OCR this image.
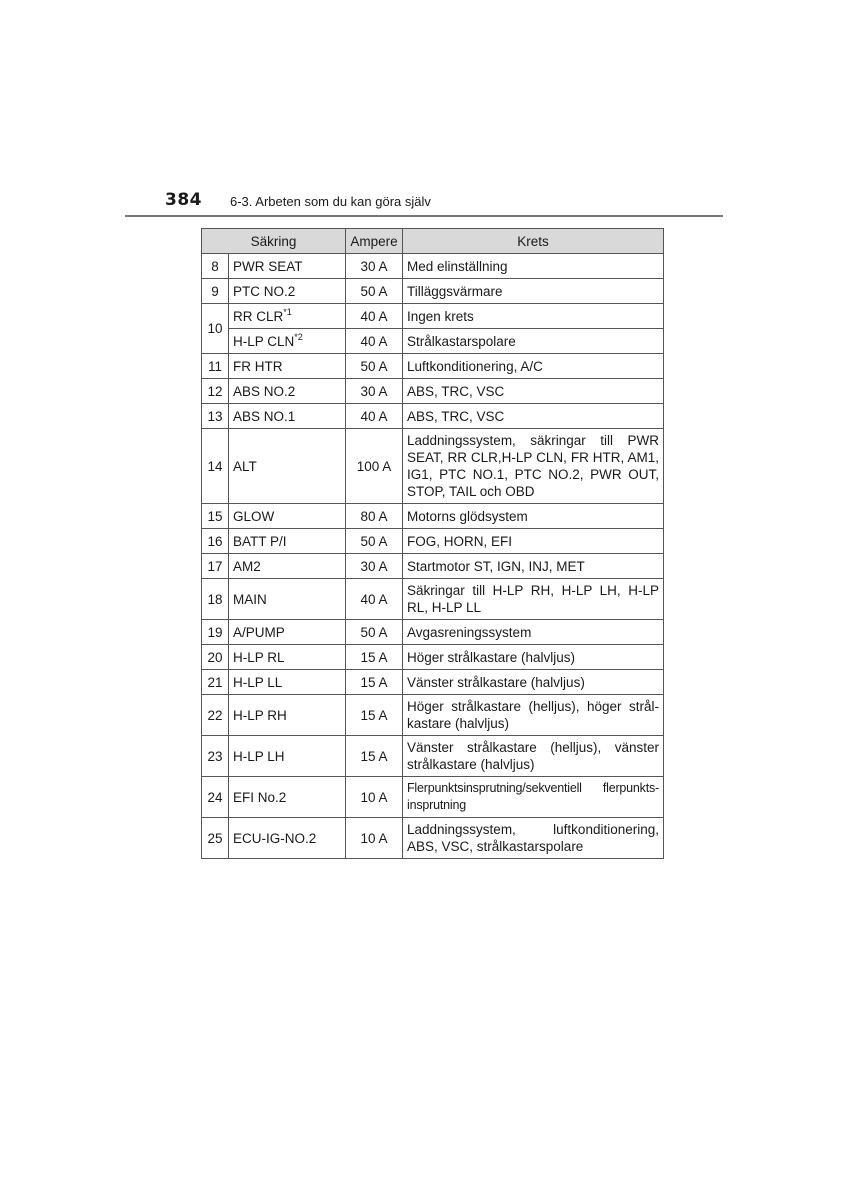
384 6-3. Arbeten som du kan göra själv
Säkring		Ampere	Krets
8	PWR SEAT	30 A	Med elinställning
9	PTC NO.2	50 A	Tilläggsvärmare
10	RR CLR$^{*1}$	40 A	Ingen krets
	H-LP CLN$^{*2}$	40 A	Strålkastarspolare
11	FR HTR	50 A	Luftkonditionering, A/C
12	ABS NO.2	30 A	ABS, TRC, VSC
13	ABS NO.1	40 A	ABS, TRC, VSC
14	ALT	100 A	Laddningssystem, säkringar till PWR SEAT, RR CLR,H-LP CLN, FR HTR, AM1, IG1, PTC NO.1, PTC NO.2, PWR OUT, STOP, TAIL och OBD
15	GLOW	80 A	Motorns glödsystem
16	BATT P/I	50 A	FOG, HORN, EFI
17	AM2	30 A	Startmotor ST, IGN, INJ, MET
18	MAIN	40 A	Säkringar till H-LP RH, H-LP LH, H-LP RL, H-LP LL
19	A/PUMP	50 A	Avgasreningssystem
20	H-LP RL	15 A	Höger strålkastare (halvljus)
21	H-LP LL	15 A	Vänster strålkastare (halvljus)
22	H-LP RH	15 A	Höger strålkastare (helljus), höger strål-kastare (halvljus)
23	H-LP LH	15 A	Vänster strålkastare (helljus), vänster strålkastare (halvljus)
24	EFI No.2	10 A	Flerpunktsinsprutning/sekventiell flerpunkts-insprutning
25	ECU-IG-NO.2	10 A	Laddningssystem, luftkonditionering, ABS, VSC, strålkastarspolare
